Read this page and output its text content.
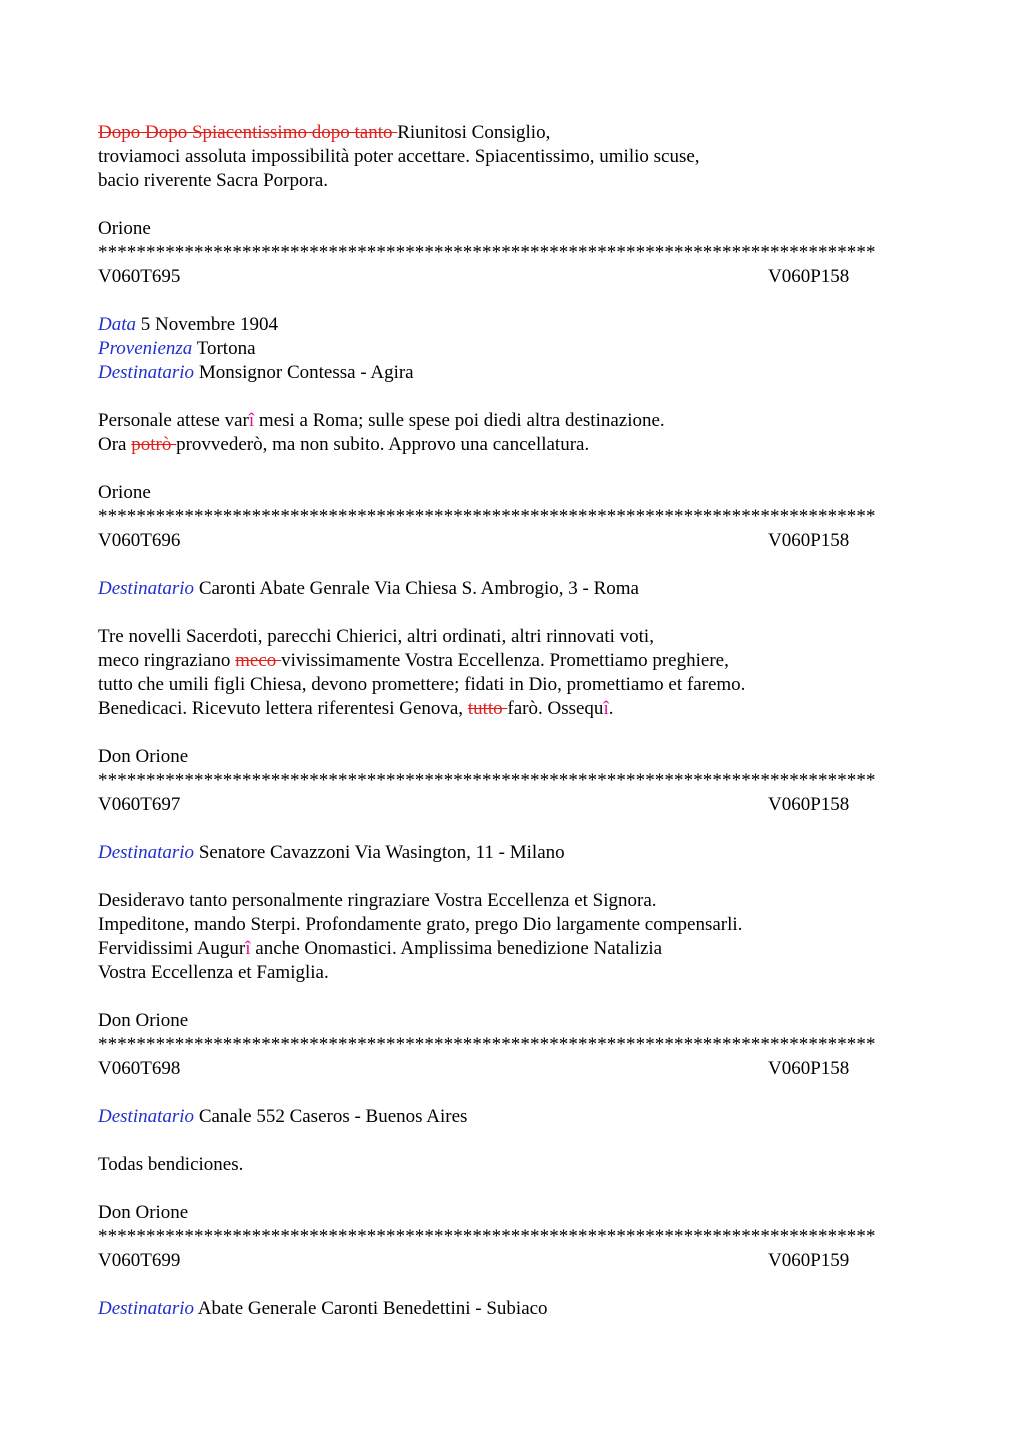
Dopo Dopo Spiacentissimo dopo tanto Riunitosi Consiglio,
troviamoci assoluta impossibilità poter accettare. Spiacentissimo, umilio scuse,
bacio riverente Sacra Porpora.
Orione
*********************************************************************************
V060T695	V060P158
Data 5 Novembre 1904
Provenienza Tortona
Destinatario Monsignor Contessa - Agira
Personale attese varî mesi a Roma; sulle spese poi diedi altra destinazione.
Ora potrò provvederò, ma non subito. Approvo una cancellatura.
Orione
*********************************************************************************
V060T696	V060P158
Destinatario Caronti Abate Genrale Via Chiesa S. Ambrogio, 3 - Roma
Tre novelli Sacerdoti, parecchi Chierici, altri ordinati, altri rinnovati voti,
meco ringraziano meco vivissimamente Vostra Eccellenza. Promettiamo preghiere,
tutto che umili figli Chiesa, devono promettere; fidati in Dio, promettiamo et faremo.
Benedicaci. Ricevuto lettera riferentesi Genova, tutto farò. Ossequî.
Don Orione
*********************************************************************************
V060T697	V060P158
Destinatario Senatore Cavazzoni Via Wasington, 11 - Milano
Desideravo tanto personalmente ringraziare Vostra Eccellenza et Signora.
Impeditone, mando Sterpi. Profondamente grato, prego Dio largamente compensarli.
Fervidissimi Augurî anche Onomastici. Amplissima benedizione Natalizia
Vostra Eccellenza et Famiglia.
Don Orione
*********************************************************************************
V060T698	V060P158
Destinatario Canale 552 Caseros - Buenos Aires
Todas bendiciones.
Don Orione
*********************************************************************************
V060T699	V060P159
Destinatario Abate Generale Caronti Benedettini - Subiaco
